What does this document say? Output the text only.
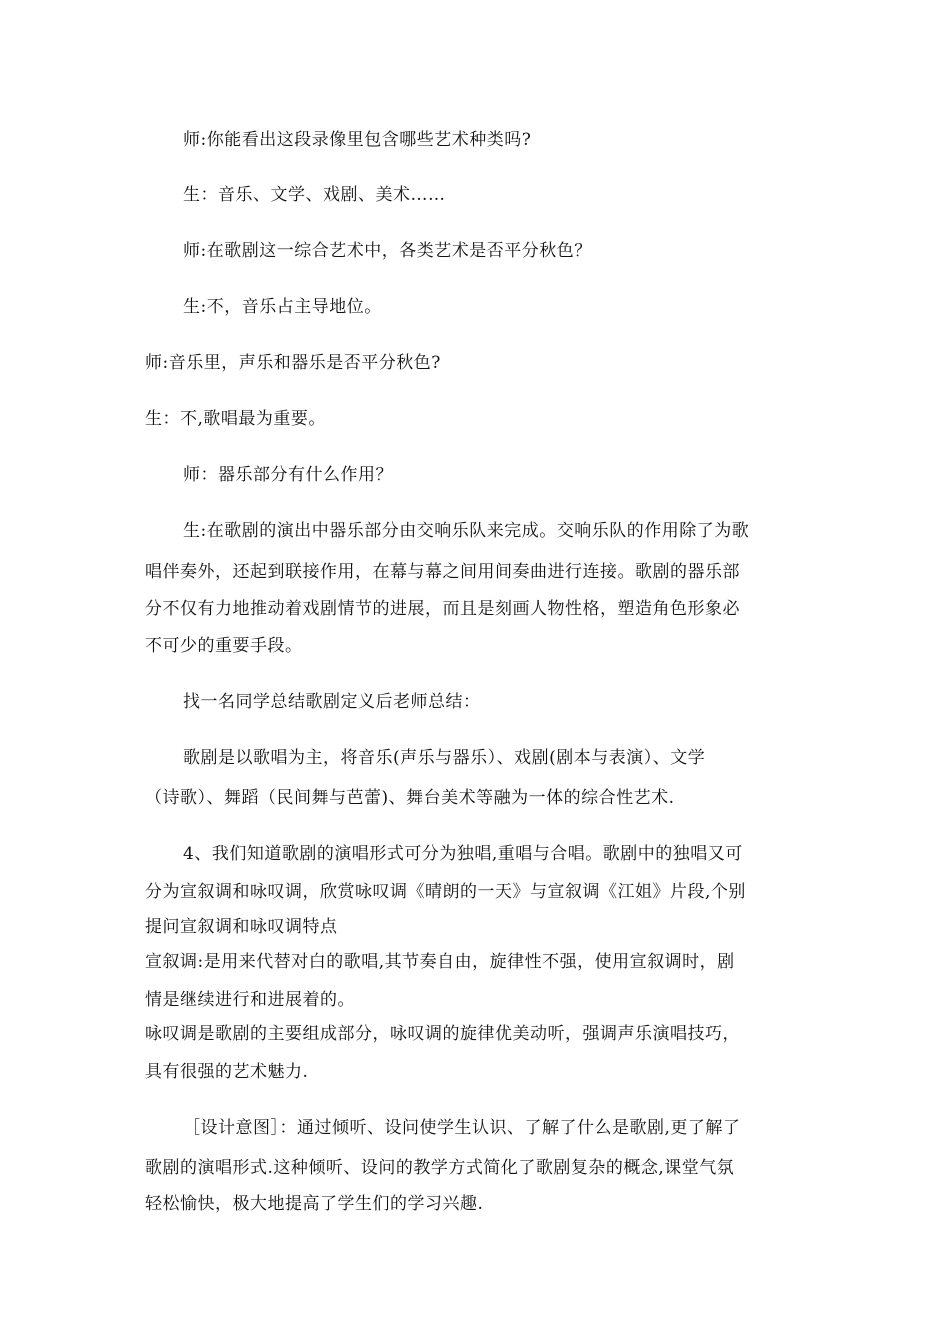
师:你能看出这段录像里包含哪些艺术种类吗?
生：音乐、文学、戏剧、美术……
师:在歌剧这一综合艺术中，各类艺术是否平分秋色？
生:不，音乐占主导地位。
师:音乐里，声乐和器乐是否平分秋色?
生：不,歌唱最为重要。
师：器乐部分有什么作用？
生:在歌剧的演出中器乐部分由交响乐队来完成。交响乐队的作用除了为歌
唱伴奏外，还起到联接作用，在幕与幕之间用间奏曲进行连接。歌剧的器乐部
分不仅有力地推动着戏剧情节的进展，而且是刻画人物性格，塑造角色形象必
不可少的重要手段。
找一名同学总结歌剧定义后老师总结：
歌剧是以歌唱为主，将音乐(声乐与器乐）、戏剧(剧本与表演）、文学
（诗歌）、舞蹈（民间舞与芭蕾)、舞台美术等融为一体的综合性艺术.
4、我们知道歌剧的演唱形式可分为独唱,重唱与合唱。歌剧中的独唱又可
分为宣叙调和咏叹调，欣赏咏叹调《晴朗的一天》与宣叙调《江姐》片段,个别
提问宣叙调和咏叹调特点
宣叙调:是用来代替对白的歌唱,其节奏自由，旋律性不强，使用宣叙调时，剧
情是继续进行和进展着的。
咏叹调是歌剧的主要组成部分，咏叹调的旋律优美动听，强调声乐演唱技巧，
具有很强的艺术魅力.
［设计意图］：通过倾听、设问使学生认识、了解了什么是歌剧,更了解了
歌剧的演唱形式.这种倾听、设问的教学方式简化了歌剧复杂的概念,课堂气氛
轻松愉快，极大地提高了学生们的学习兴趣.
